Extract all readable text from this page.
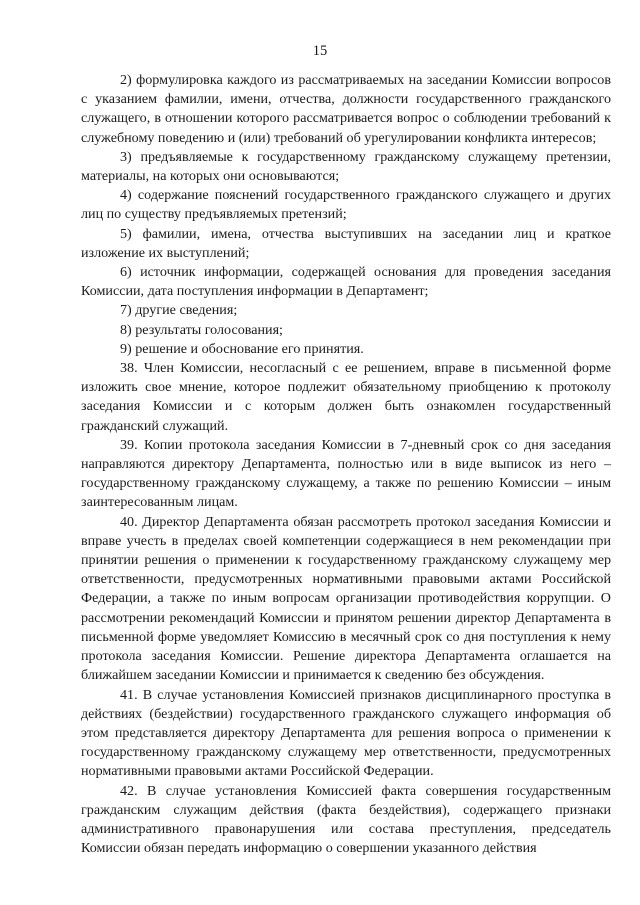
15

2) формулировка каждого из рассматриваемых на заседании Комиссии вопросов с указанием фамилии, имени, отчества, должности государственного гражданского служащего, в отношении которого рассматривается вопрос о соблюдении требований к служебному поведению и (или) требований об урегулировании конфликта интересов;

3) предъявляемые к государственному гражданскому служащему претензии, материалы, на которых они основываются;

4) содержание пояснений государственного гражданского служащего и других лиц по существу предъявляемых претензий;

5) фамилии, имена, отчества выступивших на заседании лиц и краткое изложение их выступлений;

6) источник информации, содержащей основания для проведения заседания Комиссии, дата поступления информации в Департамент;

7) другие сведения;

8) результаты голосования;

9) решение и обоснование его принятия.

38. Член Комиссии, несогласный с ее решением, вправе в письменной форме изложить свое мнение, которое подлежит обязательному приобщению к протоколу заседания Комиссии и с которым должен быть ознакомлен государственный гражданский служащий.

39. Копии протокола заседания Комиссии в 7-дневный срок со дня заседания направляются директору Департамента, полностью или в виде выписок из него – государственному гражданскому служащему, а также по решению Комиссии – иным заинтересованным лицам.

40. Директор Департамента обязан рассмотреть протокол заседания Комиссии и вправе учесть в пределах своей компетенции содержащиеся в нем рекомендации при принятии решения о применении к государственному гражданскому служащему мер ответственности, предусмотренных нормативными правовыми актами Российской Федерации, а также по иным вопросам организации противодействия коррупции. О рассмотрении рекомендаций Комиссии и принятом решении директор Департамента в письменной форме уведомляет Комиссию в месячный срок со дня поступления к нему протокола заседания Комиссии. Решение директора Департамента оглашается на ближайшем заседании Комиссии и принимается к сведению без обсуждения.

41. В случае установления Комиссией признаков дисциплинарного проступка в действиях (бездействии) государственного гражданского служащего информация об этом представляется директору Департамента для решения вопроса о применении к государственному гражданскому служащему мер ответственности, предусмотренных нормативными правовыми актами Российской Федерации.

42. В случае установления Комиссией факта совершения государственным гражданским служащим действия (факта бездействия), содержащего признаки административного правонарушения или состава преступления, председатель Комиссии обязан передать информацию о совершении указанного действия
